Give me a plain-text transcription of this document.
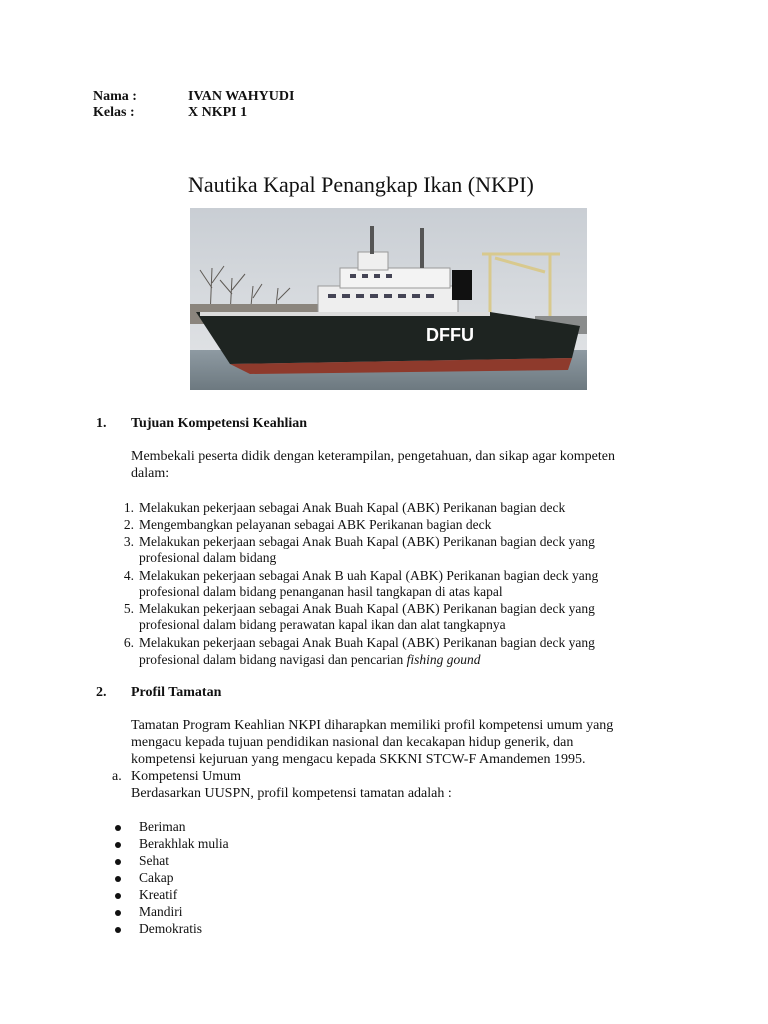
Nama :	IVAN WAHYUDI
Kelas :	X NKPI 1
Nautika Kapal Penangkap Ikan (NKPI)
DFFU
1. Tujuan Kompetensi Keahlian
Membekali peserta didik dengan keterampilan, pengetahuan, dan sikap agar kompeten
dalam:
1. Melakukan pekerjaan sebagai Anak Buah Kapal (ABK) Perikanan bagian deck
2. Mengembangkan pelayanan sebagai ABK Perikanan bagian deck
3. Melakukan pekerjaan sebagai Anak Buah Kapal (ABK) Perikanan bagian deck yang
profesional dalam bidang
4. Melakukan pekerjaan sebagai Anak B uah Kapal (ABK) Perikanan bagian deck yang
profesional dalam bidang penanganan hasil tangkapan di atas kapal
5. Melakukan pekerjaan sebagai Anak Buah Kapal (ABK) Perikanan bagian deck yang
profesional dalam bidang perawatan kapal ikan dan alat tangkapnya
6. Melakukan pekerjaan sebagai Anak Buah Kapal (ABK) Perikanan bagian deck yang
profesional dalam bidang navigasi dan pencarian fishing gound
2. Profil Tamatan
Tamatan Program Keahlian NKPI diharapkan memiliki profil kompetensi umum yang
mengacu kepada tujuan pendidikan nasional dan kecakapan hidup generik, dan
kompetensi kejuruan yang mengacu kepada SKKNI STCW-F Amandemen 1995.
a. Kompetensi Umum
Berdasarkan UUSPN, profil kompetensi tamatan adalah :
Beriman
Berakhlak mulia
Sehat
Cakap
Kreatif
Mandiri
Demokratis
